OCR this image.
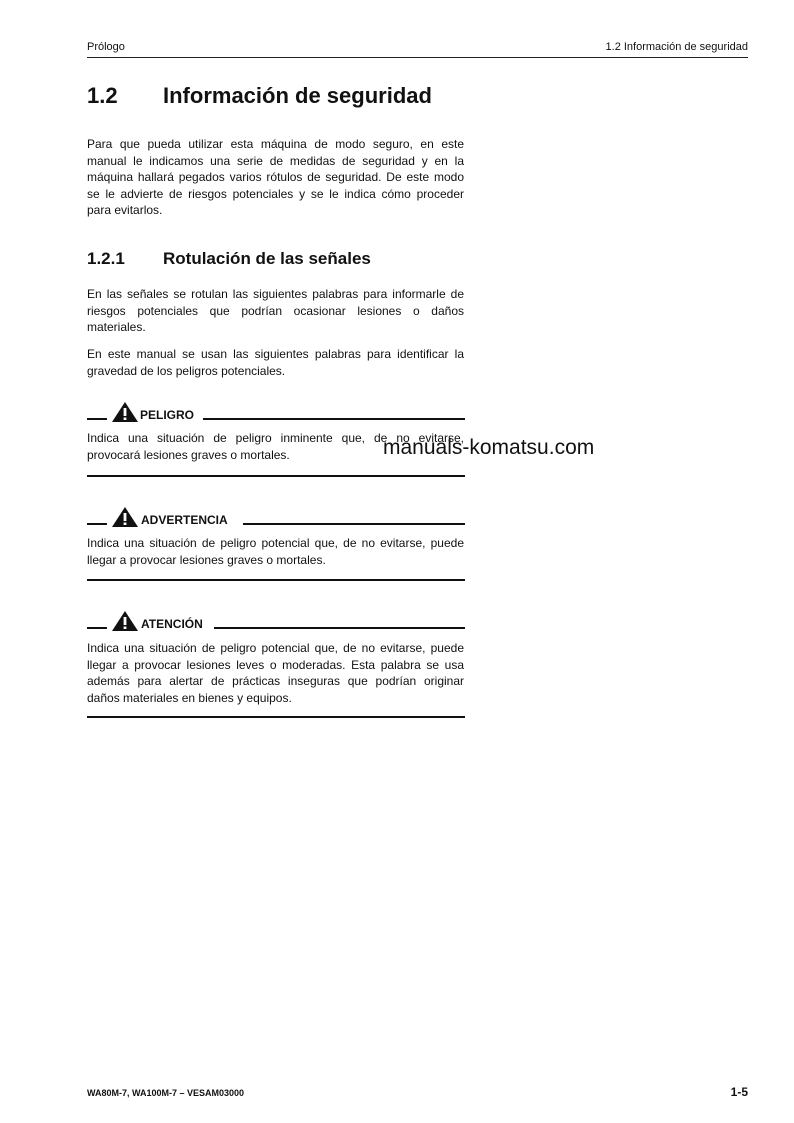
Prólogo	1.2 Información de seguridad
1.2 Información de seguridad
Para que pueda utilizar esta máquina de modo seguro, en este manual le indicamos una serie de medidas de seguridad y en la máquina hallará pegados varios rótulos de seguridad. De este modo se le advierte de riesgos potenciales y se le indica cómo proceder para evitarlos.
1.2.1 Rotulación de las señales
En las señales se rotulan las siguientes palabras para informarle de riesgos potenciales que podrían ocasionar lesiones o daños materiales.
En este manual se usan las siguientes palabras para identificar la gravedad de los peligros potenciales.
PELIGRO
Indica una situación de peligro inminente que, de no evitarse, provocará lesiones graves o mortales.
ADVERTENCIA
Indica una situación de peligro potencial que, de no evitarse, puede llegar a provocar lesiones graves o mortales.
ATENCIÓN
Indica una situación de peligro potencial que, de no evitarse, puede llegar a provocar lesiones leves o moderadas. Esta palabra se usa además para alertar de prácticas inseguras que podrían originar daños materiales en bienes y equipos.
manuals-komatsu.com
WA80M-7, WA100M-7 – VESAM03000	1-5
